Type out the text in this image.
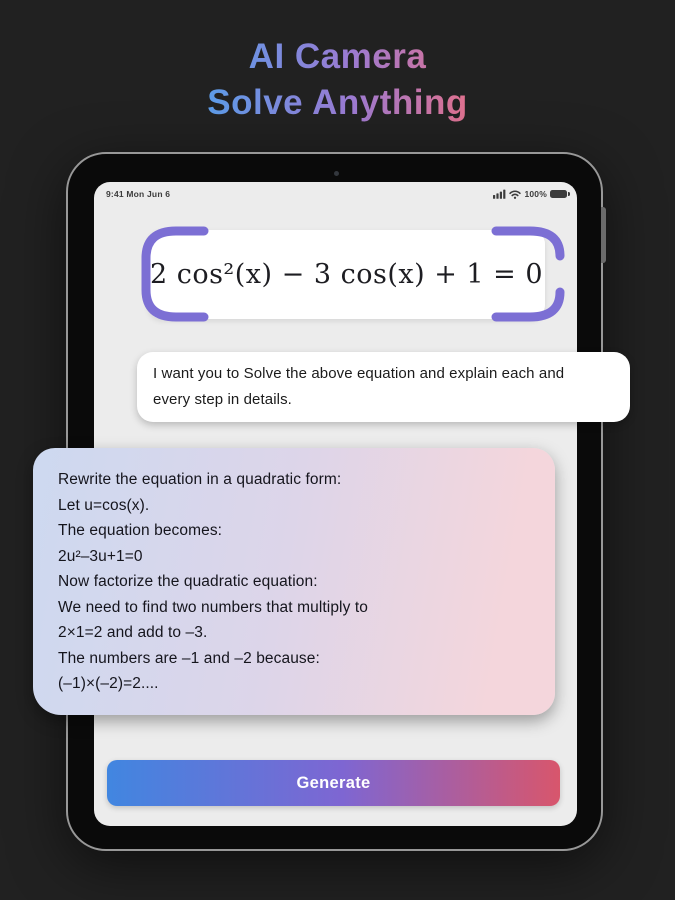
AI Camera
Solve Anything
9:41 Mon Jun 6	100%
2 cos²(x) − 3 cos(x) + 1 = 0
I want you to Solve the above equation and explain each and
every step in details.
Rewrite the equation in a quadratic form:
Let u=cos(x).
The equation becomes:
2u²–3u+1=0
Now factorize the quadratic equation:
We need to find two numbers that multiply to
2×1=2 and add to –3.
The numbers are –1 and –2 because:
(–1)×(–2)=2....
Generate
